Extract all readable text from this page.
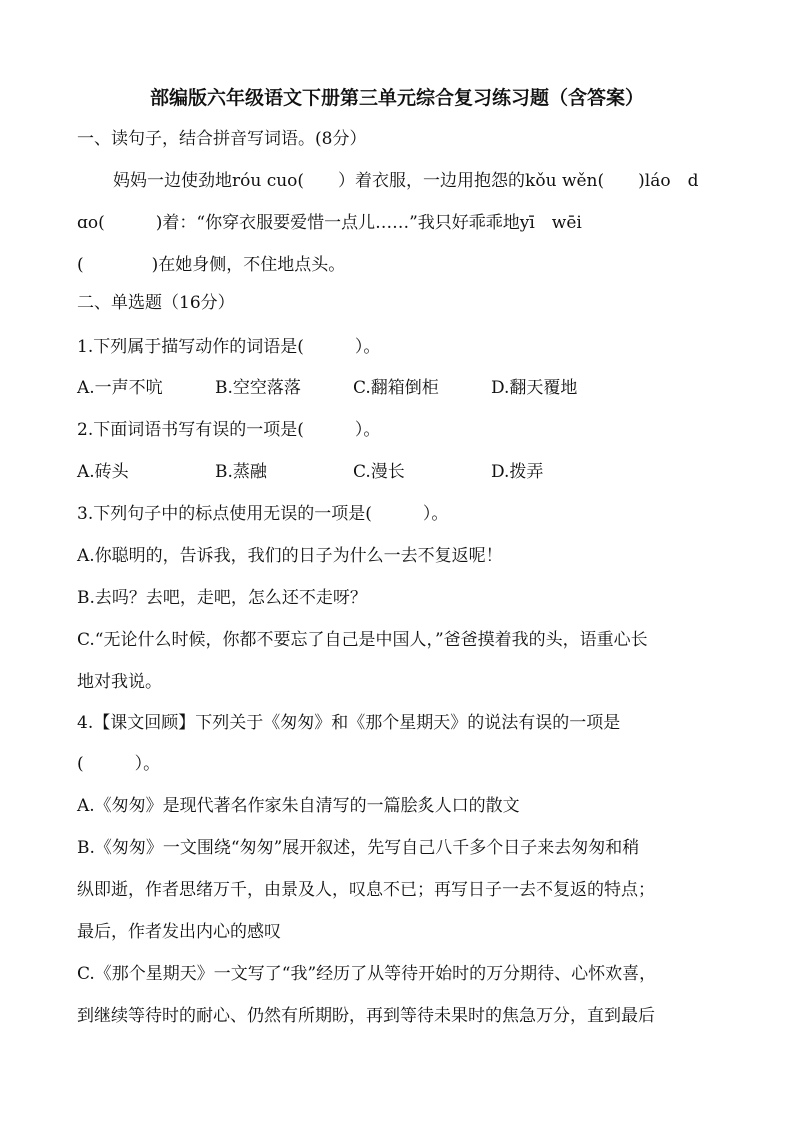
部编版六年级语文下册第三单元综合复习练习题（含答案）
一、读句子，结合拼音写词语。(8分）
妈妈一边使劲地róu cuo(　　）着衣服，一边用抱怨的kǒu wěn(　　)láo　d
ɑo(　　　)着：“你穿衣服要爱惜一点儿……”我只好乖乖地yī　wēi
(　　　　)在她身侧，不住地点头。
二、单选题（16分）
1.下列属于描写动作的词语是(　　　）。
A.一声不吭	B.空空落落	C.翻箱倒柜	D.翻天覆地
2.下面词语书写有误的一项是(　　　）。
A.砖头	B.蒸融	C.漫长	D.拨弄
3.下列句子中的标点使用无误的一项是(　　　）。
A.你聪明的，告诉我，我们的日子为什么一去不复返呢！
B.去吗？去吧，走吧，怎么还不走呀？
C.“无论什么时候，你都不要忘了自己是中国人，”爸爸摸着我的头，语重心长
地对我说。
4.【课文回顾】下列关于《匆匆》和《那个星期天》的说法有误的一项是
(　　　）。
A.《匆匆》是现代著名作家朱自清写的一篇脍炙人口的散文
B.《匆匆》一文围绕“匆匆”展开叙述，先写自己八千多个日子来去匆匆和稍
纵即逝，作者思绪万千，由景及人，叹息不已；再写日子一去不复返的特点；
最后，作者发出内心的感叹
C.《那个星期天》一文写了“我”经历了从等待开始时的万分期待、心怀欢喜，
到继续等待时的耐心、仍然有所期盼，再到等待未果时的焦急万分，直到最后
